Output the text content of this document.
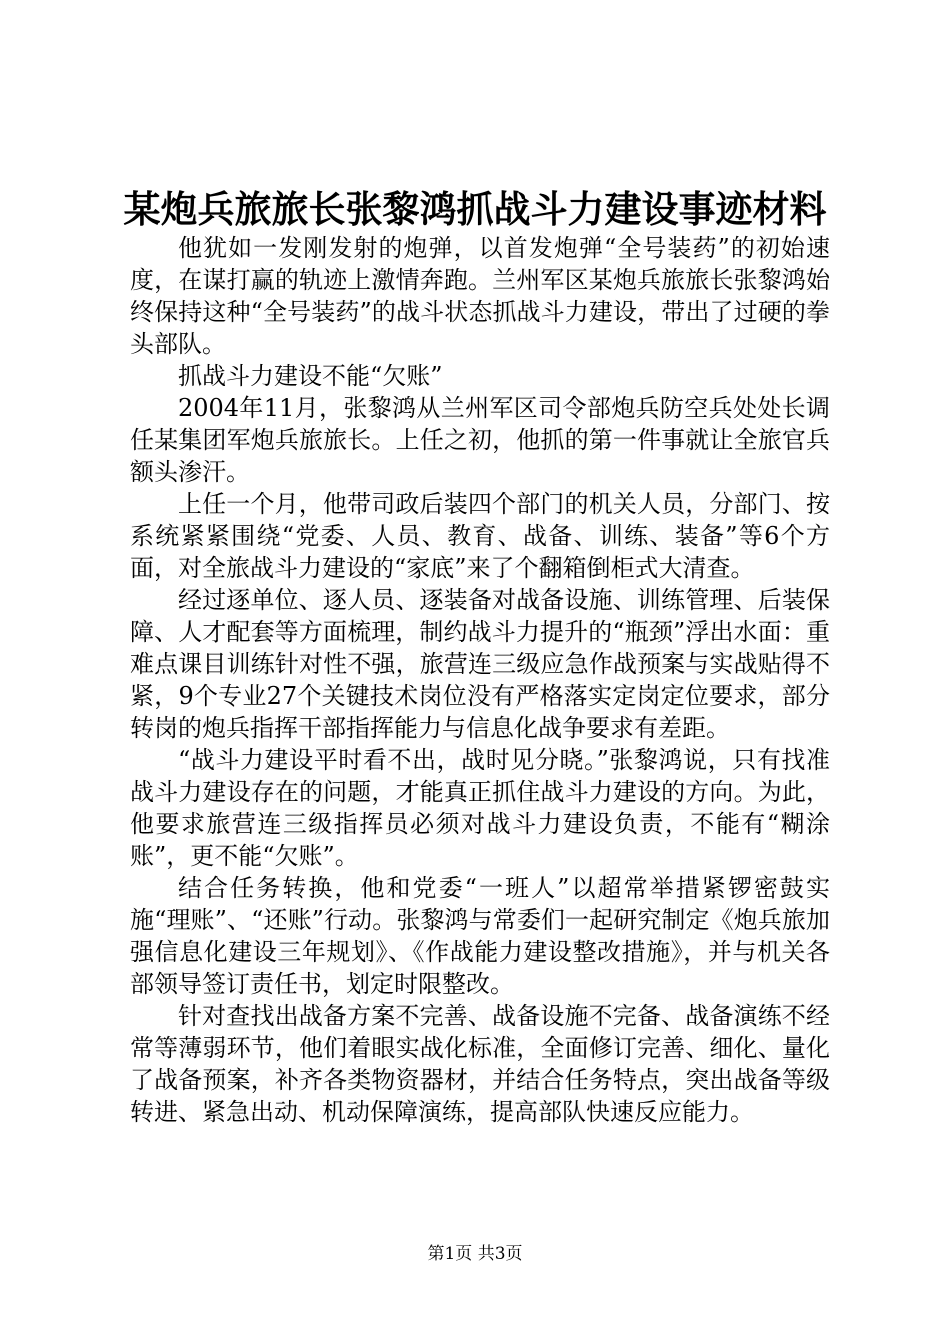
某炮兵旅旅长张黎鸿抓战斗力建设事迹材料

他犹如一发刚发射的炮弹，以首发炮弹“全号装药”的初始速度，在谋打赢的轨迹上激情奔跑。兰州军区某炮兵旅旅长张黎鸿始终保持这种“全号装药”的战斗状态抓战斗力建设，带出了过硬的拳头部队。

抓战斗力建设不能“欠账”

2004年11月，张黎鸿从兰州军区司令部炮兵防空兵处处长调任某集团军炮兵旅旅长。上任之初，他抓的第一件事就让全旅官兵额头渗汗。

上任一个月，他带司政后装四个部门的机关人员，分部门、按系统紧紧围绕“党委、人员、教育、战备、训练、装备”等6个方面，对全旅战斗力建设的“家底”来了个翻箱倒柜式大清查。

经过逐单位、逐人员、逐装备对战备设施、训练管理、后装保障、人才配套等方面梳理，制约战斗力提升的“瓶颈”浮出水面：重难点课目训练针对性不强，旅营连三级应急作战预案与实战贴得不紧，9个专业27个关键技术岗位没有严格落实定岗定位要求，部分转岗的炮兵指挥干部指挥能力与信息化战争要求有差距。

“战斗力建设平时看不出，战时见分晓。”张黎鸿说，只有找准战斗力建设存在的问题，才能真正抓住战斗力建设的方向。为此，他要求旅营连三级指挥员必须对战斗力建设负责，不能有“糊涂账”，更不能“欠账”。

结合任务转换，他和党委“一班人”以超常举措紧锣密鼓实施“理账”、“还账”行动。张黎鸿与常委们一起研究制定《炮兵旅加强信息化建设三年规划》、《作战能力建设整改措施》，并与机关各部领导签订责任书，划定时限整改。

针对查找出战备方案不完善、战备设施不完备、战备演练不经常等薄弱环节，他们着眼实战化标准，全面修订完善、细化、量化了战备预案，补齐各类物资器材，并结合任务特点，突出战备等级转进、紧急出动、机动保障演练，提高部队快速反应能力。

第1页 共3页
